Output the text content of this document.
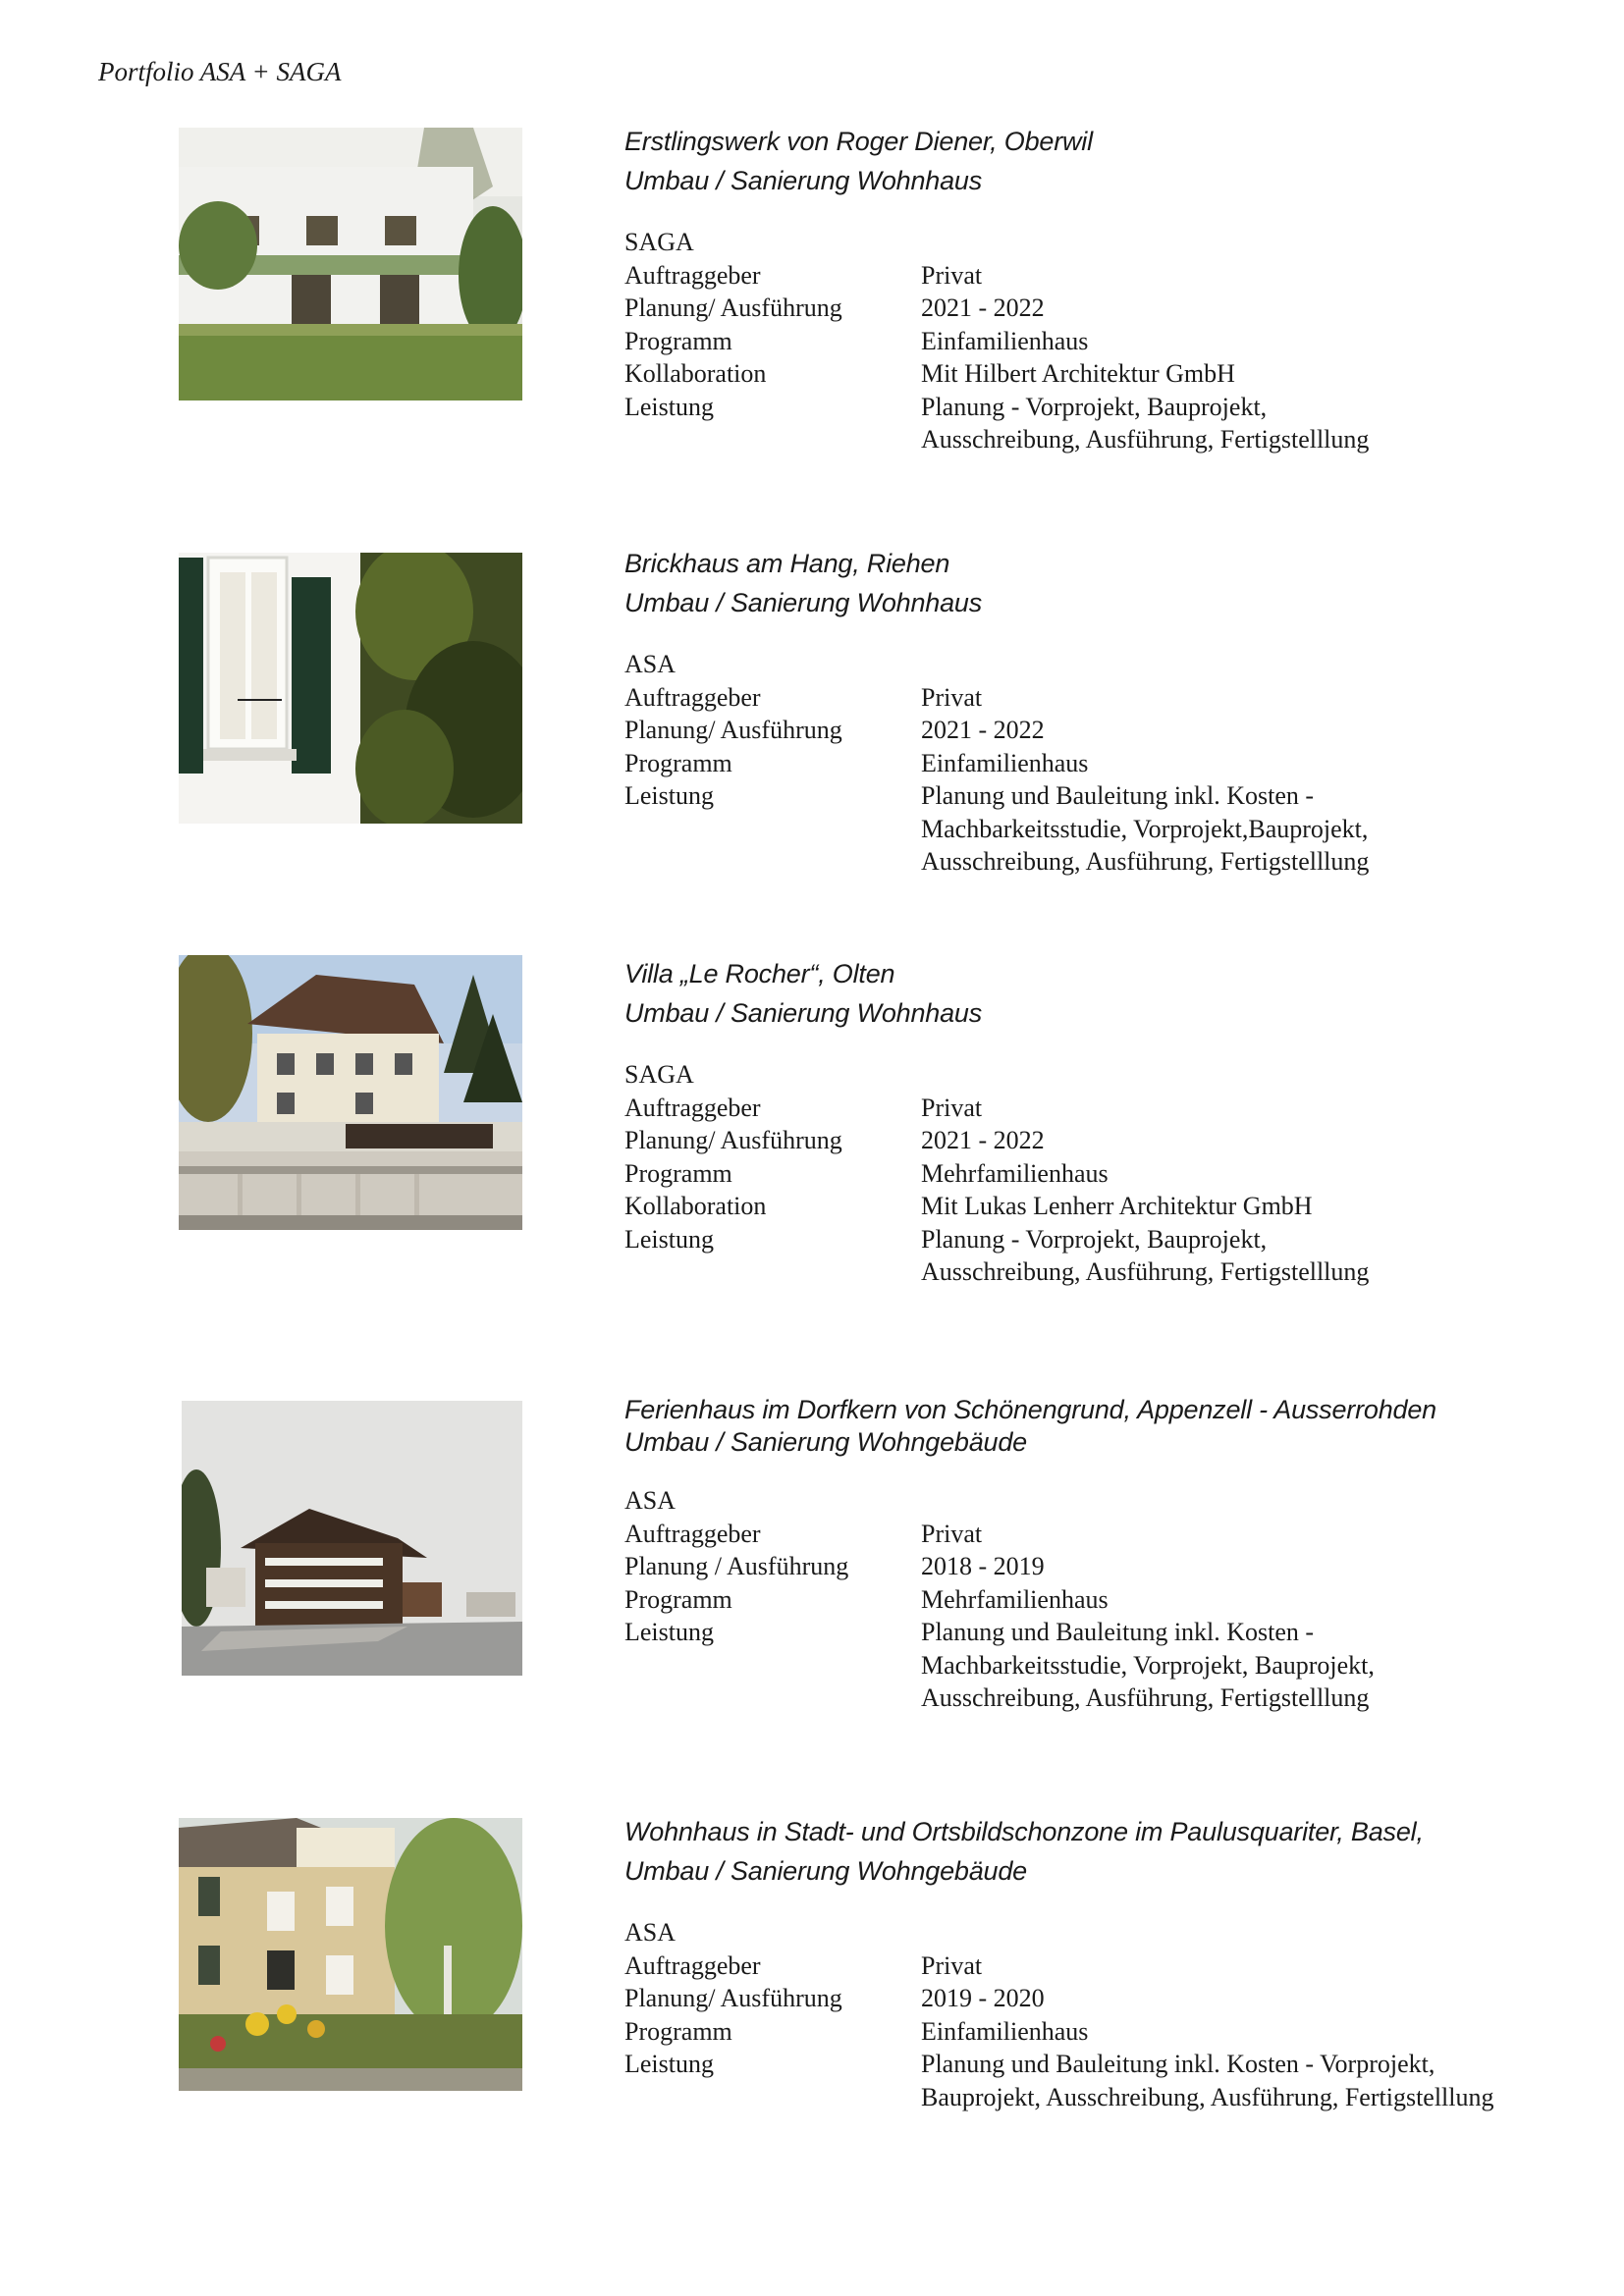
Portfolio ASA + SAGA
Erstlingswerk von Roger Diener, Oberwil
Umbau / Sanierung Wohnhaus
SAGA
Auftraggeber	Privat
Planung/ Ausführung	2021 - 2022
Programm	Einfamilienhaus
Kollaboration	Mit Hilbert Architektur GmbH
Leistung	Planung - Vorprojekt, Bauprojekt,
Ausschreibung, Ausführung, Fertigstelllung
Brickhaus am Hang, Riehen
Umbau / Sanierung Wohnhaus
ASA
Auftraggeber	Privat
Planung/ Ausführung	2021 - 2022
Programm	Einfamilienhaus
Leistung	Planung und Bauleitung inkl. Kosten -
Machbarkeitsstudie, Vorprojekt,Bauprojekt,
Ausschreibung, Ausführung, Fertigstelllung
Villa „Le Rocher“, Olten
Umbau / Sanierung Wohnhaus
SAGA
Auftraggeber	Privat
Planung/ Ausführung	2021 - 2022
Programm	Mehrfamilienhaus
Kollaboration	Mit Lukas Lenherr Architektur GmbH
Leistung	Planung - Vorprojekt, Bauprojekt,
Ausschreibung, Ausführung, Fertigstelllung
Ferienhaus im Dorfkern von Schönengrund, Appenzell - Ausserrohden
Umbau / Sanierung Wohngebäude
ASA
Auftraggeber	Privat
Planung / Ausführung	2018 - 2019
Programm	Mehrfamilienhaus
Leistung	Planung und Bauleitung inkl. Kosten -
Machbarkeitsstudie, Vorprojekt, Bauprojekt,
Ausschreibung, Ausführung, Fertigstelllung
Wohnhaus in Stadt- und Ortsbildschonzone im Paulusquariter, Basel,
Umbau / Sanierung Wohngebäude
ASA
Auftraggeber	Privat
Planung/ Ausführung	2019 - 2020
Programm	Einfamilienhaus
Leistung	Planung und Bauleitung inkl. Kosten - Vorprojekt,
Bauprojekt, Ausschreibung, Ausführung, Fertigstelllung
